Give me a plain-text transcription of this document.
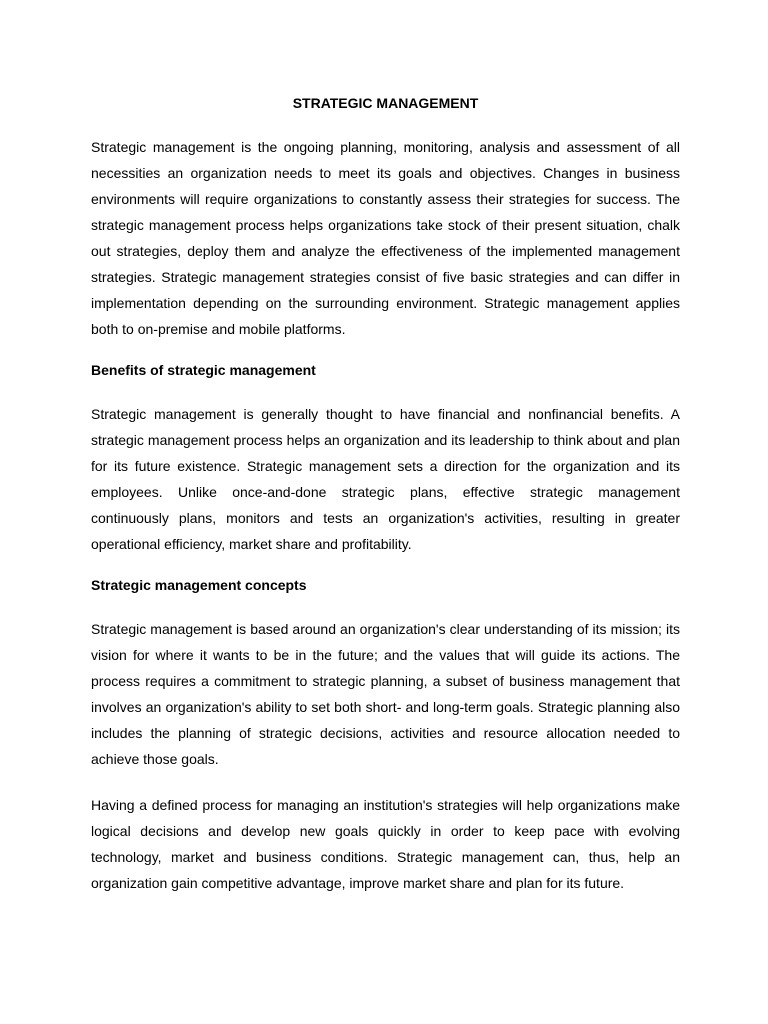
STRATEGIC MANAGEMENT

Strategic management is the ongoing planning, monitoring, analysis and assessment of all necessities an organization needs to meet its goals and objectives. Changes in business environments will require organizations to constantly assess their strategies for success. The strategic management process helps organizations take stock of their present situation, chalk out strategies, deploy them and analyze the effectiveness of the implemented management strategies. Strategic management strategies consist of five basic strategies and can differ in implementation depending on the surrounding environment. Strategic management applies both to on-premise and mobile platforms.

Benefits of strategic management

Strategic management is generally thought to have financial and nonfinancial benefits. A strategic management process helps an organization and its leadership to think about and plan for its future existence. Strategic management sets a direction for the organization and its employees. Unlike once-and-done strategic plans, effective strategic management continuously plans, monitors and tests an organization's activities, resulting in greater operational efficiency, market share and profitability.

Strategic management concepts

Strategic management is based around an organization's clear understanding of its mission; its vision for where it wants to be in the future; and the values that will guide its actions. The process requires a commitment to strategic planning, a subset of business management that involves an organization's ability to set both short- and long-term goals. Strategic planning also includes the planning of strategic decisions, activities and resource allocation needed to achieve those goals.

Having a defined process for managing an institution's strategies will help organizations make logical decisions and develop new goals quickly in order to keep pace with evolving technology, market and business conditions. Strategic management can, thus, help an organization gain competitive advantage, improve market share and plan for its future.
